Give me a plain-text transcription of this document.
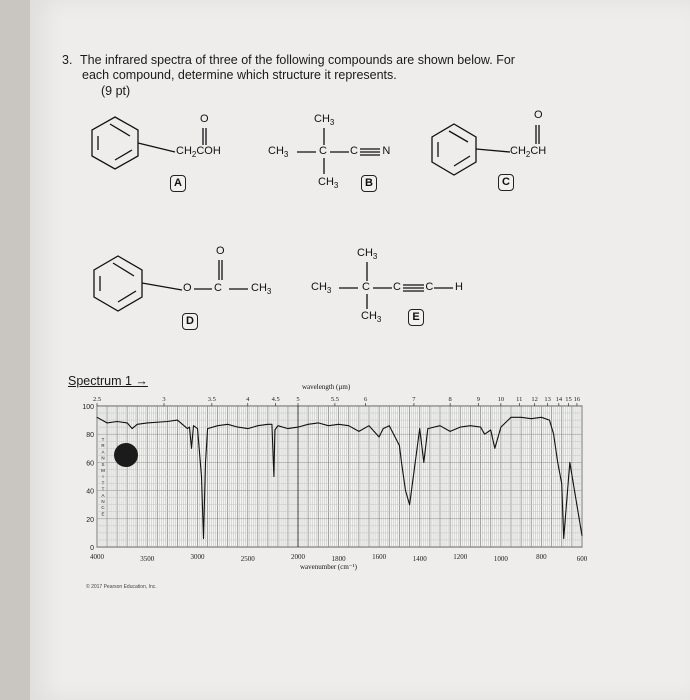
3. The infrared spectra of three of the following compounds are shown below. For
each compound, determine which structure it represents.
(9 pt)
O
$CH_2COH$
A
$CH_3$
$CH_3$
C C        N
$CH_3$	B
O
$CH_2CH$
C
O
O C	$CH_3$
D
$CH_3$
$CH_3$
C C        C H
$CH_3$	E
Spectrum 1 →
100
80
60
40
20
0
4000	3500	3000	2500	2000	1800	1600	1400	1200	1000	800	600
2.5	3	3.5	4	4.5	5	5.5	6	7	8	9	10 11 12 13 14 15 16
T
R
A
N
S
M
I
T
T
A
N
C
E
wavelength (µm)
wavenumber (cm⁻¹)
© 2017 Pearson Education, Inc.
